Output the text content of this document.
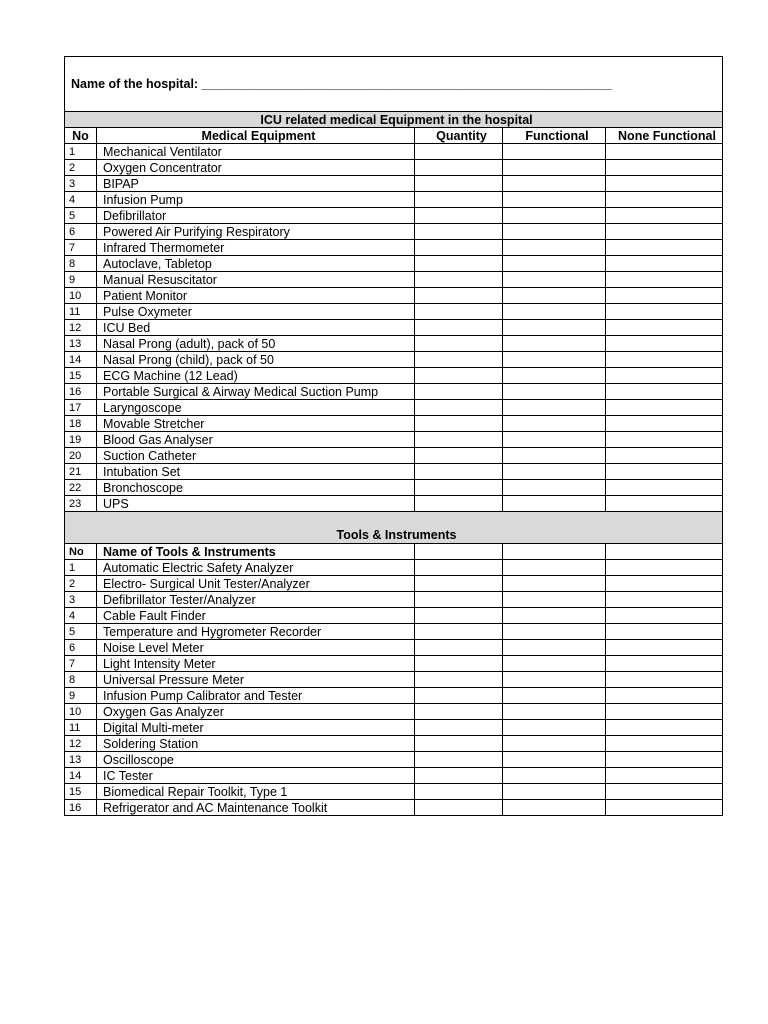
Name of the hospital: ___________________________________________________________				
ICU related medical Equipment in the hospital				
No	Medical Equipment	Quantity	Functional	None Functional
1	Mechanical Ventilator			
2	Oxygen Concentrator			
3	BIPAP			
4	Infusion Pump			
5	Defibrillator			
6	Powered Air Purifying Respiratory			
7	Infrared Thermometer			
8	Autoclave, Tabletop			
9	Manual Resuscitator			
10	Patient Monitor			
11	Pulse Oxymeter			
12	ICU Bed			
13	Nasal Prong (adult), pack of 50			
14	Nasal Prong (child), pack of 50			
15	ECG Machine (12 Lead)			
16	Portable Surgical & Airway Medical Suction Pump			
17	Laryngoscope			
18	Movable Stretcher			
19	Blood Gas Analyser			
20	Suction Catheter			
21	Intubation Set			
22	Bronchoscope			
23	UPS			
Tools & Instruments				
No	Name of Tools & Instruments			
1	Automatic Electric Safety Analyzer			
2	Electro- Surgical Unit Tester/Analyzer			
3	Defibrillator Tester/Analyzer			
4	Cable Fault Finder			
5	Temperature and Hygrometer Recorder			
6	Noise Level Meter			
7	Light Intensity Meter			
8	Universal Pressure Meter			
9	Infusion Pump Calibrator and Tester			
10	Oxygen Gas Analyzer			
11	Digital Multi-meter			
12	Soldering Station			
13	Oscilloscope			
14	IC Tester			
15	Biomedical Repair Toolkit, Type 1			
16	Refrigerator and AC Maintenance Toolkit			
